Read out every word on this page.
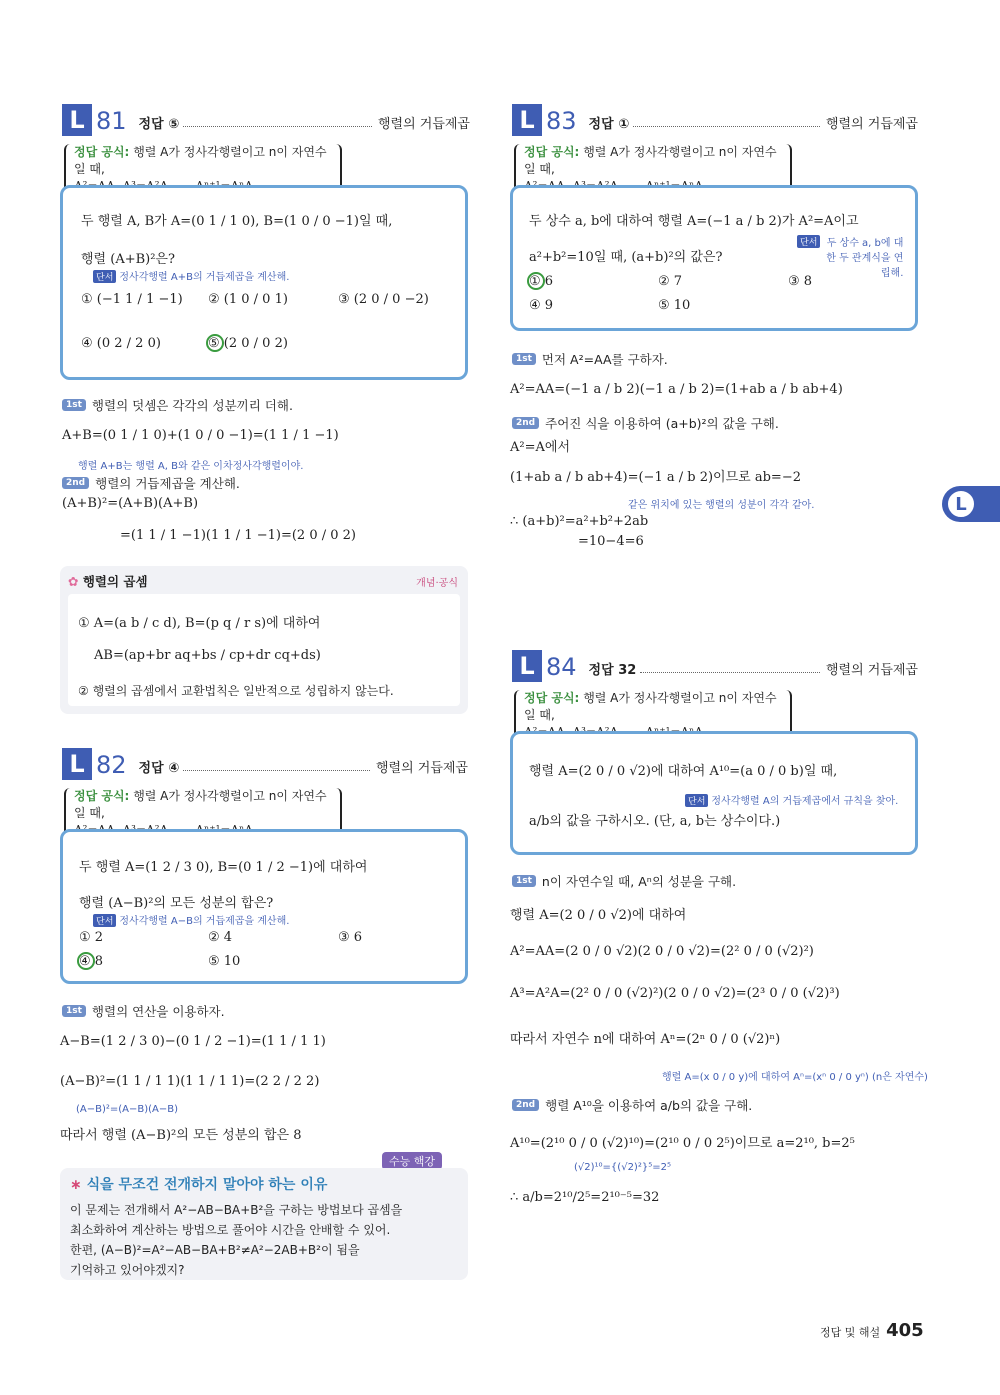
L
L 81 정답 ⑤	행렬의 거듭제곱
정답 공식: 행렬 A가 정사각행렬이고 n이 자연수일 때,
두 행렬 A, B가 A=(0 1 / 1 0), B=(1 0 / 0 −1)일 때,
행렬 (A+B)²은?
단서 정사각행렬 A+B의 거듭제곱을 계산해.
① (−1 1 / 1 −1) ② (1 0 / 0 1)	③ (2 0 / 0 −2)
④ (0 2 / 2 0)	⑤ (2 0 / 0 2)
1st 행렬의 덧셈은 각각의 성분끼리 더해.
A+B=(0 1 / 1 0)+(1 0 / 0 −1)=(1 1 / 1 −1)
행렬 A+B는 행렬 A, B와 같은 이차정사각행렬이야.
2nd 행렬의 거듭제곱을 계산해.
(A+B)²=(A+B)(A+B)
=(1 1 / 1 −1)(1 1 / 1 −1)=(2 0 / 0 2)
✿ 행렬의 곱셈	개념·공식
① A=(a b / c d), B=(p q / r s)에 대하여
AB=(ap+br aq+bs / cp+dr cq+ds)
② 행렬의 곱셈에서 교환법칙은 일반적으로 성립하지 않는다.
L 82 정답 ④	행렬의 거듭제곱
정답 공식: 행렬 A가 정사각행렬이고 n이 자연수일 때,
두 행렬 A=(1 2 / 3 0), B=(0 1 / 2 −1)에 대하여
행렬 (A−B)²의 모든 성분의 합은?
단서 정사각행렬 A−B의 거듭제곱을 계산해.
① 2	② 4	③ 6
④ 8	⑤ 10
1st 행렬의 연산을 이용하자.
A−B=(1 2 / 3 0)−(0 1 / 2 −1)=(1 1 / 1 1)
(A−B)²=(1 1 / 1 1)(1 1 / 1 1)=(2 2 / 2 2)
(A−B)²=(A−B)(A−B)
따라서 행렬 (A−B)²의 모든 성분의 합은 8
수능 핵강
∗ 식을 무조건 전개하지 말아야 하는 이유
이 문제는 전개해서 A²−AB−BA+B²을 구하는 방법보다 곱셈을
최소화하여 계산하는 방법으로 풀어야 시간을 안배할 수 있어.
한편, (A−B)²=A²−AB−BA+B²≠A²−2AB+B²이 됨을
기억하고 있어야겠지?
L 83 정답 ①	행렬의 거듭제곱
정답 공식: 행렬 A가 정사각행렬이고 n이 자연수일 때,
두 상수 a, b에 대하여 행렬 A=(−1 a / b 2)가 A²=A이고
단서 두 상수 a, b에 대한 두 관계식을 연립해.
a²+b²=10일 때, (a+b)²의 값은?
① 6	② 7	③ 8
④ 9	⑤ 10
1st 먼저 A²=AA를 구하자.
A²=AA=(−1 a / b 2)(−1 a / b 2)=(1+ab a / b ab+4)
2nd 주어진 식을 이용하여 (a+b)²의 값을 구해.
A²=A에서
(1+ab a / b ab+4)=(−1 a / b 2)이므로 ab=−2
같은 위치에 있는 행렬의 성분이 각각 같아.
∴ (a+b)²=a²+b²+2ab
=10−4=6
L 84 정답 32	행렬의 거듭제곱
정답 공식: 행렬 A가 정사각행렬이고 n이 자연수일 때,
행렬 A=(2 0 / 0 √2)에 대하여 A¹⁰=(a 0 / 0 b)일 때,
단서 정사각행렬 A의 거듭제곱에서 규칙을 찾아.
a/b의 값을 구하시오. (단, a, b는 상수이다.)
1st n이 자연수일 때, Aⁿ의 성분을 구해.
행렬 A=(2 0 / 0 √2)에 대하여
A²=AA=(2 0 / 0 √2)(2 0 / 0 √2)=(2² 0 / 0 (√2)²)
A³=A²A=(2² 0 / 0 (√2)²)(2 0 / 0 √2)=(2³ 0 / 0 (√2)³)
따라서 자연수 n에 대하여 Aⁿ=(2ⁿ 0 / 0 (√2)ⁿ)
행렬 A=(x 0 / 0 y)에 대하여 Aⁿ=(xⁿ 0 / 0 yⁿ) (n은 자연수)
2nd 행렬 A¹⁰을 이용하여 a/b의 값을 구해.
A¹⁰=(2¹⁰ 0 / 0 (√2)¹⁰)=(2¹⁰ 0 / 0 2⁵)이므로 a=2¹⁰, b=2⁵
(√2)¹⁰={(√2)²}⁵=2⁵
∴ a/b=2¹⁰/2⁵=2¹⁰⁻⁵=32
정답 및 해설 405
